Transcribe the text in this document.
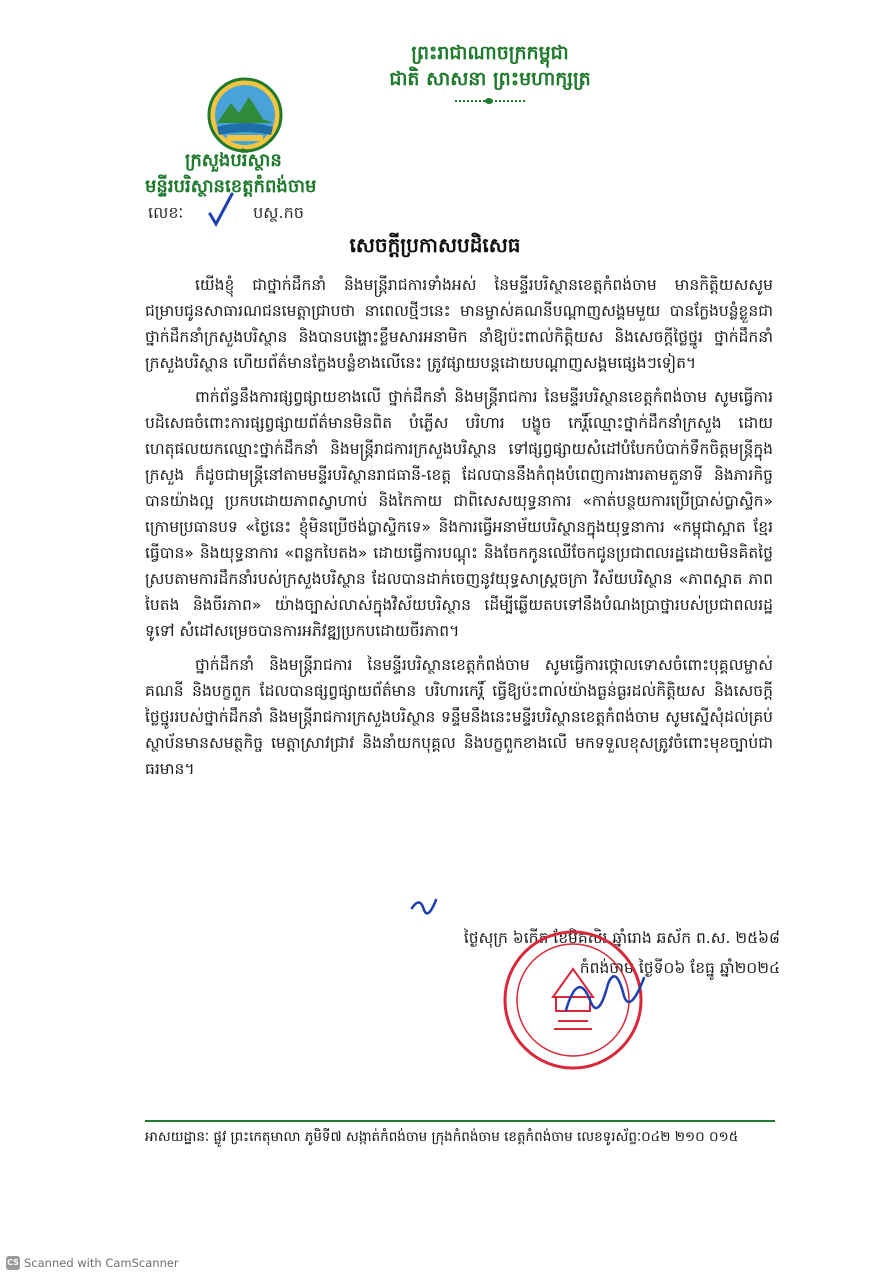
ព្រះរាជាណាចក្រកម្ពុជា
ជាតិ សាសនា ព្រះមហាក្សត្រ
ក្រសួងបរិស្ថាន
មន្ទីរបរិស្ថានខេត្តកំពង់ចាម
លេខៈ	បស្ថ.កច
សេចក្តីប្រកាសបដិសេធ

យើងខ្ញុំ ជាថ្នាក់ដឹកនាំ និងមន្ត្រីរាជការទាំងអស់ នៃមន្ទីរបរិស្ថានខេត្តកំពង់ចាម មានកិត្តិយសសូមជម្រាបជូនសាធារណជនមេត្តាជ្រាបថា នាពេលថ្មីៗនេះ មានម្ចាស់គណនីបណ្តាញសង្គមមួយ បានក្លែងបន្លំខ្លួនជាថ្នាក់ដឹកនាំក្រសួងបរិស្ថាន និងបានបង្ហោះខ្លឹមសារអនាមិក នាំឱ្យប៉ះពាល់កិត្តិយស និងសេចក្តីថ្លៃថ្នូរ ថ្នាក់ដឹកនាំក្រសួងបរិស្ថាន ហើយព័ត៌មានក្លែងបន្លំខាងលើនេះ ត្រូវផ្សាយបន្តដោយបណ្តាញសង្គមផ្សេងៗទៀត។

ពាក់ព័ន្ធនឹងការផ្សព្វផ្សាយខាងលើ ថ្នាក់ដឹកនាំ និងមន្ត្រីរាជការ នៃមន្ទីរបរិស្ថានខេត្តកំពង់ចាម សូមធ្វើការបដិសេធចំពោះការផ្សព្វផ្សាយព័ត៌មានមិនពិត បំភ្លើស បរិហារ បង្ខូច កេរ្តិ៍ឈ្មោះថ្នាក់ដឹកនាំក្រសួង ដោយហេតុផលយកឈ្មោះថ្នាក់ដឹកនាំ និងមន្ត្រីរាជការក្រសួងបរិស្ថាន ទៅផ្សព្វផ្សាយសំដៅបំបែកបំបាក់ទឹកចិត្តមន្ត្រីក្នុងក្រសួង ក៏ដូចជាមន្ត្រីនៅតាមមន្ទីរបរិស្ថានរាជធានី-ខេត្ត ដែលបាននឹងកំពុងបំពេញការងារតាមតួនាទី និងភារកិច្ចបានយ៉ាងល្អ ប្រកបដោយភាពស្វាហាប់ និងកៃកាយ ជាពិសេសយុទ្ធនាការ «កាត់បន្ថយការប្រើប្រាស់ប្លាស្ទិក» ក្រោមប្រធានបទ «ថ្ងៃនេះ ខ្ញុំមិនប្រើថង់ប្លាស្ទិកទេ» និងការធ្វើអនាម័យបរិស្ថានក្នុងយុទ្ធនាការ «កម្ពុជាស្អាត ខ្មែរធ្វើបាន» និងយុទ្ធនាការ «ពន្លកបៃតង» ដោយធ្វើការបណ្តុះ និងចែកកូនឈើចែកជូនប្រជាពលរដ្ឋដោយមិនគិតថ្លៃ ស្របតាមការដឹកនាំរបស់ក្រសួងបរិស្ថាន ដែលបានដាក់ចេញនូវយុទ្ធសាស្ត្រចក្រា វិស័យបរិស្ថាន «ភាពស្អាត ភាពបៃតង និងចីរភាព» យ៉ាងច្បាស់លាស់ក្នុងវិស័យបរិស្ថាន ដើម្បីឆ្លើយតបទៅនឹងបំណងប្រាថ្នារបស់ប្រជាពលរដ្ឋទូទៅ សំដៅសម្រេចបានការអភិវឌ្ឍប្រកបដោយចីរភាព។

ថ្នាក់ដឹកនាំ និងមន្ត្រីរាជការ នៃមន្ទីរបរិស្ថានខេត្តកំពង់ចាម សូមធ្វើការថ្កោលទោសចំពោះបុគ្គលម្ចាស់គណនី និងបក្ខពួក ដែលបានផ្សព្វផ្សាយព័ត៌មាន បរិហារកេរ្តិ៍ ធ្វើឱ្យប៉ះពាល់យ៉ាងធ្ងន់ធ្ងរដល់កិត្តិយស និងសេចក្តីថ្លៃថ្នូររបស់ថ្នាក់ដឹកនាំ និងមន្ត្រីរាជការក្រសួងបរិស្ថាន ទន្ទឹមនឹងនេះមន្ទីរបរិស្ថានខេត្តកំពង់ចាម សូមស្នើសុំដល់គ្រប់ស្ថាប័នមានសមត្ថកិច្ច មេត្តាស្រាវជ្រាវ និងនាំយកបុគ្គល និងបក្ខពួកខាងលើ មកទទួលខុសត្រូវចំពោះមុខច្បាប់ជាធរមាន។

ថ្ងៃសុក្រ ៦កើត ខែមិគសិរ ឆ្នាំរោង ឆស័ក ព.ស. ២៥៦៨
កំពង់ចាម ថ្ងៃទី០៦ ខែធ្នូ ឆ្នាំ២០២៤
អាសយដ្ឋានៈ ផ្លូវ ព្រះកេតុមាលា ភូមិទី៧ សង្កាត់កំពង់ចាម ក្រុងកំពង់ចាម ខេត្តកំពង់ចាម លេខទូរស័ព្ទៈ០៤២ ២១០ ០១៥
CS Scanned with CamScanner
